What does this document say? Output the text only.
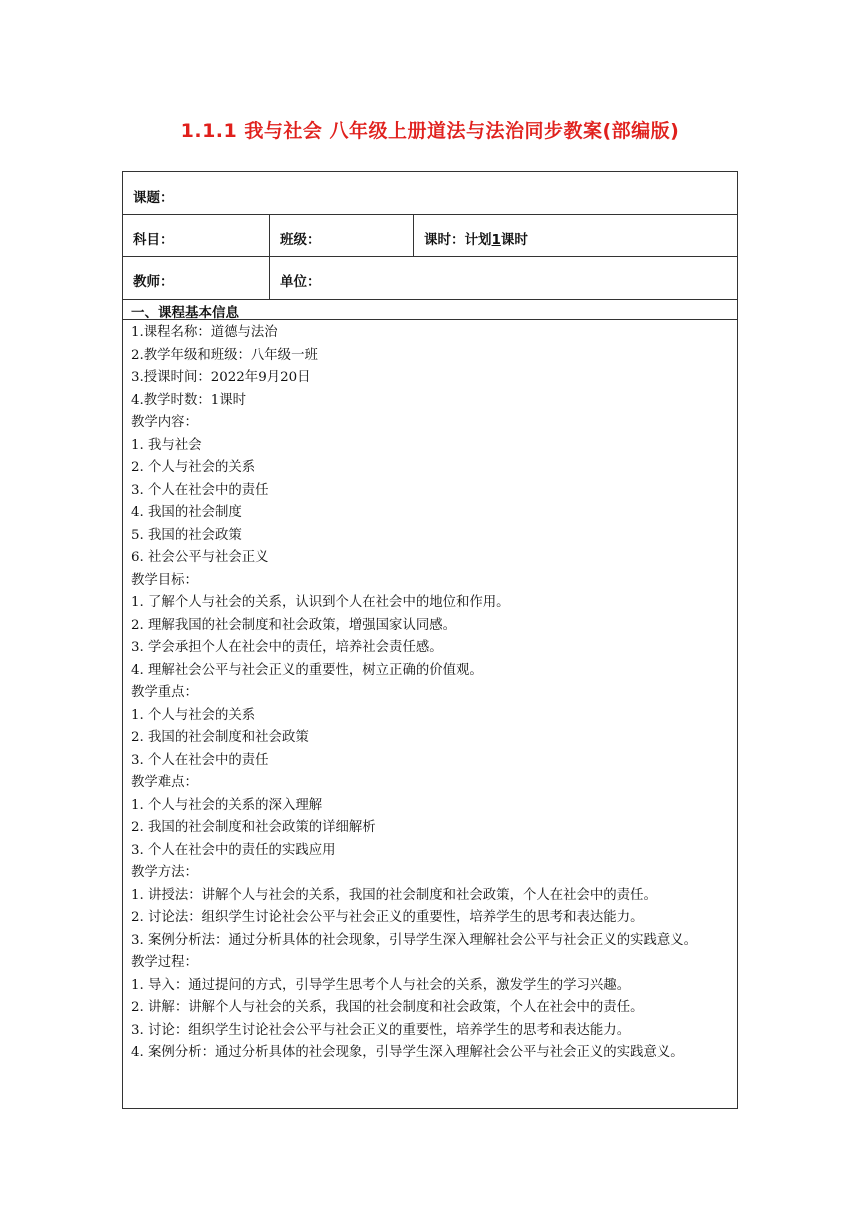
1.1.1 我与社会 八年级上册道法与法治同步教案(部编版)
课题：
科目：	班级：	课时：计划1课时
教师：	单位：
一、课程基本信息
1.课程名称：道德与法治
2.教学年级和班级：八年级一班
3.授课时间：2022年9月20日
4.教学时数：1课时
教学内容：
1. 我与社会
2. 个人与社会的关系
3. 个人在社会中的责任
4. 我国的社会制度
5. 我国的社会政策
6. 社会公平与社会正义
教学目标：
1. 了解个人与社会的关系，认识到个人在社会中的地位和作用。
2. 理解我国的社会制度和社会政策，增强国家认同感。
3. 学会承担个人在社会中的责任，培养社会责任感。
4. 理解社会公平与社会正义的重要性，树立正确的价值观。
教学重点：
1. 个人与社会的关系
2. 我国的社会制度和社会政策
3. 个人在社会中的责任
教学难点：
1. 个人与社会的关系的深入理解
2. 我国的社会制度和社会政策的详细解析
3. 个人在社会中的责任的实践应用
教学方法：
1. 讲授法：讲解个人与社会的关系，我国的社会制度和社会政策，个人在社会中的责任。
2. 讨论法：组织学生讨论社会公平与社会正义的重要性，培养学生的思考和表达能力。
3. 案例分析法：通过分析具体的社会现象，引导学生深入理解社会公平与社会正义的实践意义。
教学过程：
1. 导入：通过提问的方式，引导学生思考个人与社会的关系，激发学生的学习兴趣。
2. 讲解：讲解个人与社会的关系，我国的社会制度和社会政策，个人在社会中的责任。
3. 讨论：组织学生讨论社会公平与社会正义的重要性，培养学生的思考和表达能力。
4. 案例分析：通过分析具体的社会现象，引导学生深入理解社会公平与社会正义的实践意义。
